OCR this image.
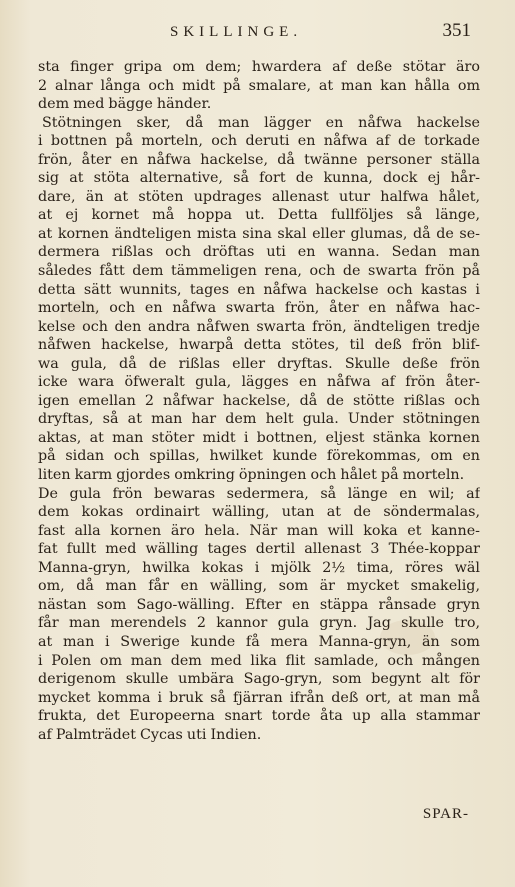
SKILLINGE.	351
sta finger gripa om dem; hwardera af deße stötar äro
2 alnar långa och midt på smalare, at man kan hålla om
dem med bägge händer.
Stötningen sker, då man lägger en nåfwa hackelse
i bottnen på morteln, och deruti en nåfwa af de torkade
frön, åter en nåfwa hackelse, då twänne personer ställa
sig at stöta alternative, så fort de kunna, dock ej hår-
dare, än at stöten updrages allenast utur halfwa hålet,
at ej kornet må hoppa ut. Detta fullföljes så länge,
at kornen ändteligen mista sina skal eller glumas, då de se-
dermera rißlas och dröftas uti en wanna. Sedan man
således fått dem tämmeligen rena, och de swarta frön på
detta sätt wunnits, tages en nåfwa hackelse och kastas i
morteln, och en nåfwa swarta frön, åter en nåfwa hac-
kelse och den andra nåfwen swarta frön, ändteligen tredje
nåfwen hackelse, hwarpå detta stötes, til deß frön blif-
wa gula, då de rißlas eller dryftas. Skulle deße frön
icke wara öfweralt gula, lägges en nåfwa af frön åter-
igen emellan 2 nåfwar hackelse, då de stötte rißlas och
dryftas, så at man har dem helt gula. Under stötningen
aktas, at man stöter midt i bottnen, eljest stänka kornen
på sidan och spillas, hwilket kunde förekommas, om en
liten karm gjordes omkring öpningen och hålet på morteln.
De gula frön bewaras sedermera, så länge en wil; af
dem kokas ordinairt wälling, utan at de söndermalas,
fast alla kornen äro hela. När man will koka et kanne-
fat fullt med wälling tages dertil allenast 3 Thée-koppar
Manna-gryn, hwilka kokas i mjölk 2½ tima, röres wäl
om, då man får en wälling, som är mycket smakelig,
nästan som Sago-wälling. Efter en stäppa rånsade gryn
får man merendels 2 kannor gula gryn. Jag skulle tro,
at man i Swerige kunde få mera Manna-gryn, än som
i Polen om man dem med lika flit samlade, och mången
derigenom skulle umbära Sago-gryn, som begynt alt för
mycket komma i bruk så fjärran ifrån deß ort, at man må
frukta, det Europeerna snart torde åta up alla stammar
af Palmträdet Cycas uti Indien.
SPAR-
